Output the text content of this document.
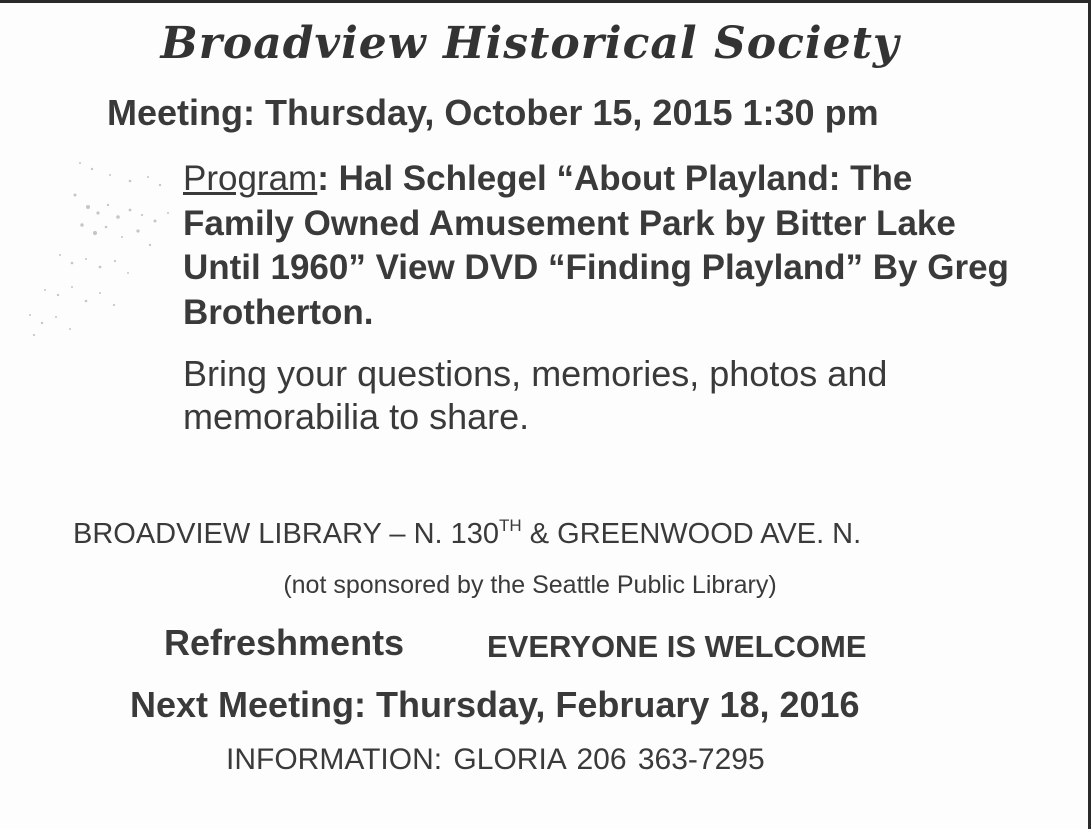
Broadview Historical Society
Meeting: Thursday, October 15, 2015 1:30 pm
Program: Hal Schlegel “About Playland: The Family Owned Amusement Park by Bitter Lake Until 1960” View DVD “Finding Playland” By Greg Brotherton.
Bring your questions, memories, photos and memorabilia to share.
BROADVIEW LIBRARY – N. 130TH & GREENWOOD AVE. N.
(not sponsored by the Seattle Public Library)
Refreshments	EVERYONE IS WELCOME
Next Meeting: Thursday, February 18, 2016
INFORMATION: GLORIA 206 363-7295
